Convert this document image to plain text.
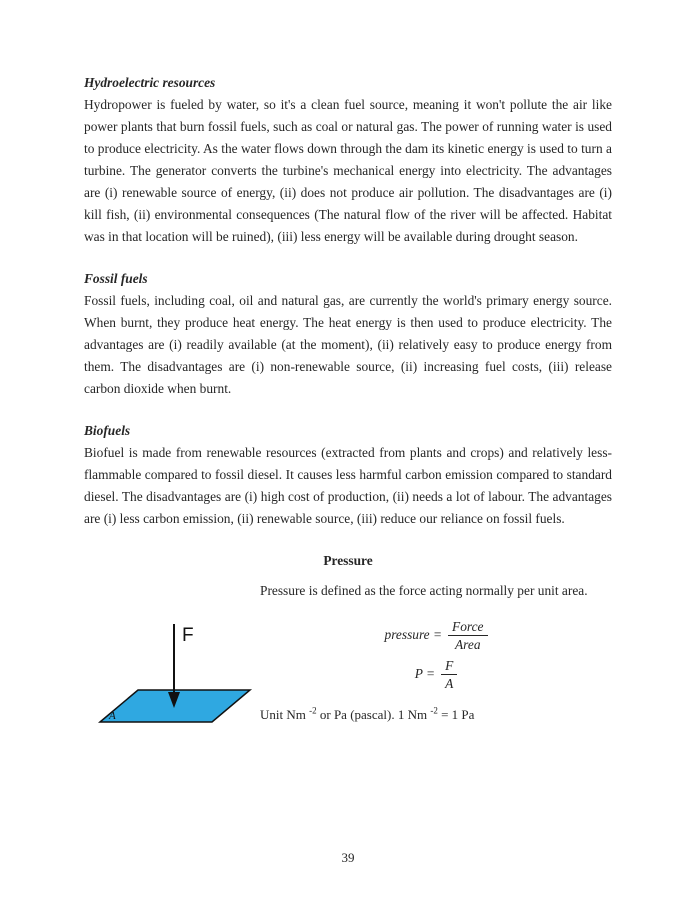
Hydroelectric resources

Hydropower is fueled by water, so it's a clean fuel source, meaning it won't pollute the air like power plants that burn fossil fuels, such as coal or natural gas. The power of running water is used to produce electricity. As the water flows down through the dam its kinetic energy is used to turn a turbine. The generator converts the turbine's mechanical energy into electricity. The advantages are (i) renewable source of energy, (ii) does not produce air pollution. The disadvantages are (i) kill fish, (ii) environmental consequences (The natural flow of the river will be affected. Habitat was in that location will be ruined), (iii) less energy will be available during drought season.

Fossil fuels

Fossil fuels, including coal, oil and natural gas, are currently the world's primary energy source. When burnt, they produce heat energy. The heat energy is then used to produce electricity. The advantages are (i) readily available (at the moment), (ii) relatively easy to produce energy from them. The disadvantages are (i) non-renewable source, (ii) increasing fuel costs, (iii) release carbon dioxide when burnt.

Biofuels

Biofuel is made from renewable resources (extracted from plants and crops) and relatively less-flammable compared to fossil diesel. It causes less harmful carbon emission compared to standard diesel. The disadvantages are (i) high cost of production, (ii) needs a lot of labour. The advantages are (i) less carbon emission, (ii) renewable source, (iii) reduce our reliance on fossil fuels.

Pressure

Pressure is defined as the force acting normally per unit area.

F
A
pressure = $\frac{\text{Force}}{\text{Area}}$
$P = \frac{F}{A}$
Unit Nm $^{-2}$ or Pa (pascal). 1 Nm $^{-2}$ = 1 Pa
39
